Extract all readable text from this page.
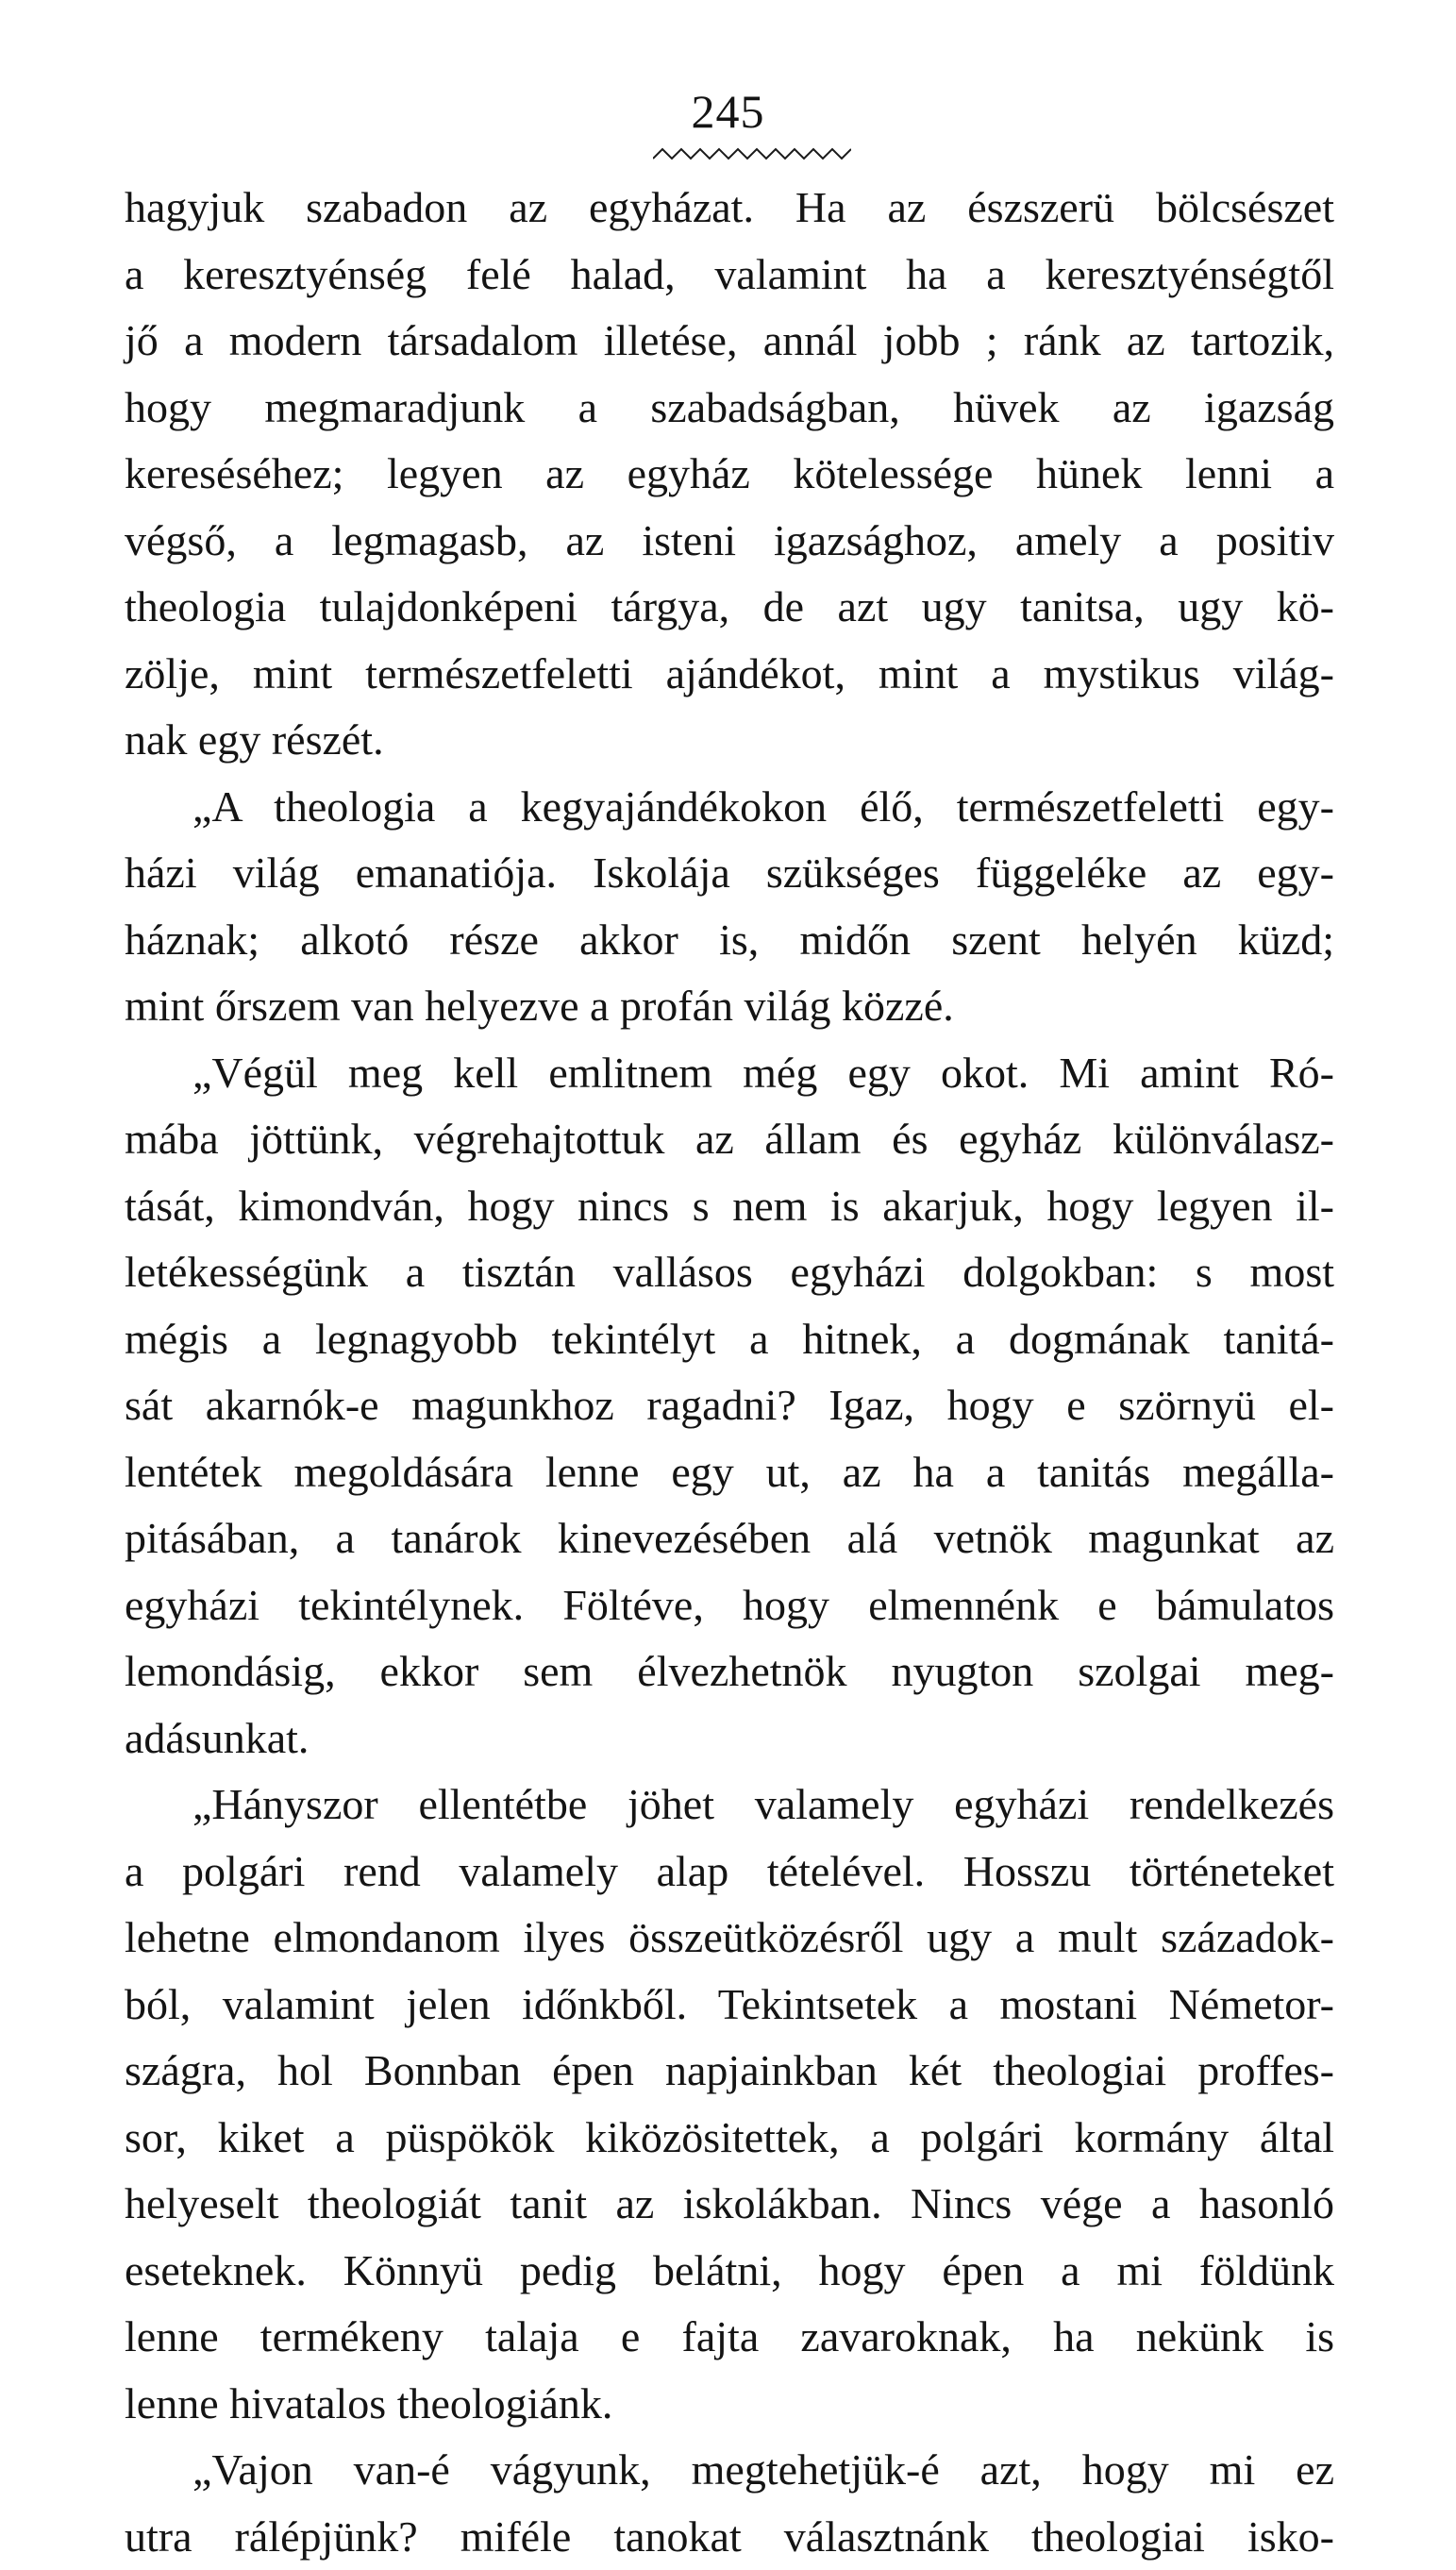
245
hagyjuk szabadon az egyházat. Ha az észszerü bölcsészet
a keresztyénség felé halad, valamint ha a keresztyénségtől
jő a modern társadalom illetése, annál jobb ; ránk az tartozik,
hogy megmaradjunk a szabadságban, hüvek az igazság
kereséséhez; legyen az egyház kötelessége hünek lenni a
végső, a legmagasb, az isteni igazsághoz, amely a positiv
theologia tulajdonképeni tárgya, de azt ugy tanitsa, ugy kö-
zölje, mint természetfeletti ajándékot, mint a mystikus világ-
nak egy részét.
„A theologia a kegyajándékokon élő, természetfeletti egy-
házi világ emanatiója. Iskolája szükséges függeléke az egy-
háznak; alkotó része akkor is, midőn szent helyén küzd;
mint őrszem van helyezve a profán világ közzé.
„Végül meg kell emlitnem még egy okot. Mi amint Ró-
mába jöttünk, végrehajtottuk az állam és egyház különválasz-
tását, kimondván, hogy nincs s nem is akarjuk, hogy legyen il-
letékességünk a tisztán vallásos egyházi dolgokban: s most
mégis a legnagyobb tekintélyt a hitnek, a dogmának tanitá-
sát akarnók-e magunkhoz ragadni? Igaz, hogy e szörnyü el-
lentétek megoldására lenne egy ut, az ha a tanitás megálla-
pitásában, a tanárok kinevezésében alá vetnök magunkat az
egyházi tekintélynek. Föltéve, hogy elmennénk e bámulatos
lemondásig, ekkor sem élvezhetnök nyugton szolgai meg-
adásunkat.
„Hányszor ellentétbe jöhet valamely egyházi rendelkezés
a polgári rend valamely alap tételével. Hosszu történeteket
lehetne elmondanom ilyes összeütközésről ugy a mult századok-
ból, valamint jelen időnkből. Tekintsetek a mostani Németor-
szágra, hol Bonnban épen napjainkban két theologiai proffes-
sor, kiket a püspökök kiközösitettek, a polgári kormány által
helyeselt theologiát tanit az iskolákban. Nincs vége a hasonló
eseteknek. Könnyü pedig belátni, hogy épen a mi földünk
lenne termékeny talaja e fajta zavaroknak, ha nekünk is
lenne hivatalos theologiánk.
„Vajon van-é vágyunk, megtehetjük-é azt, hogy mi ez
utra rálépjünk? miféle tanokat választnánk theologiai isko-
